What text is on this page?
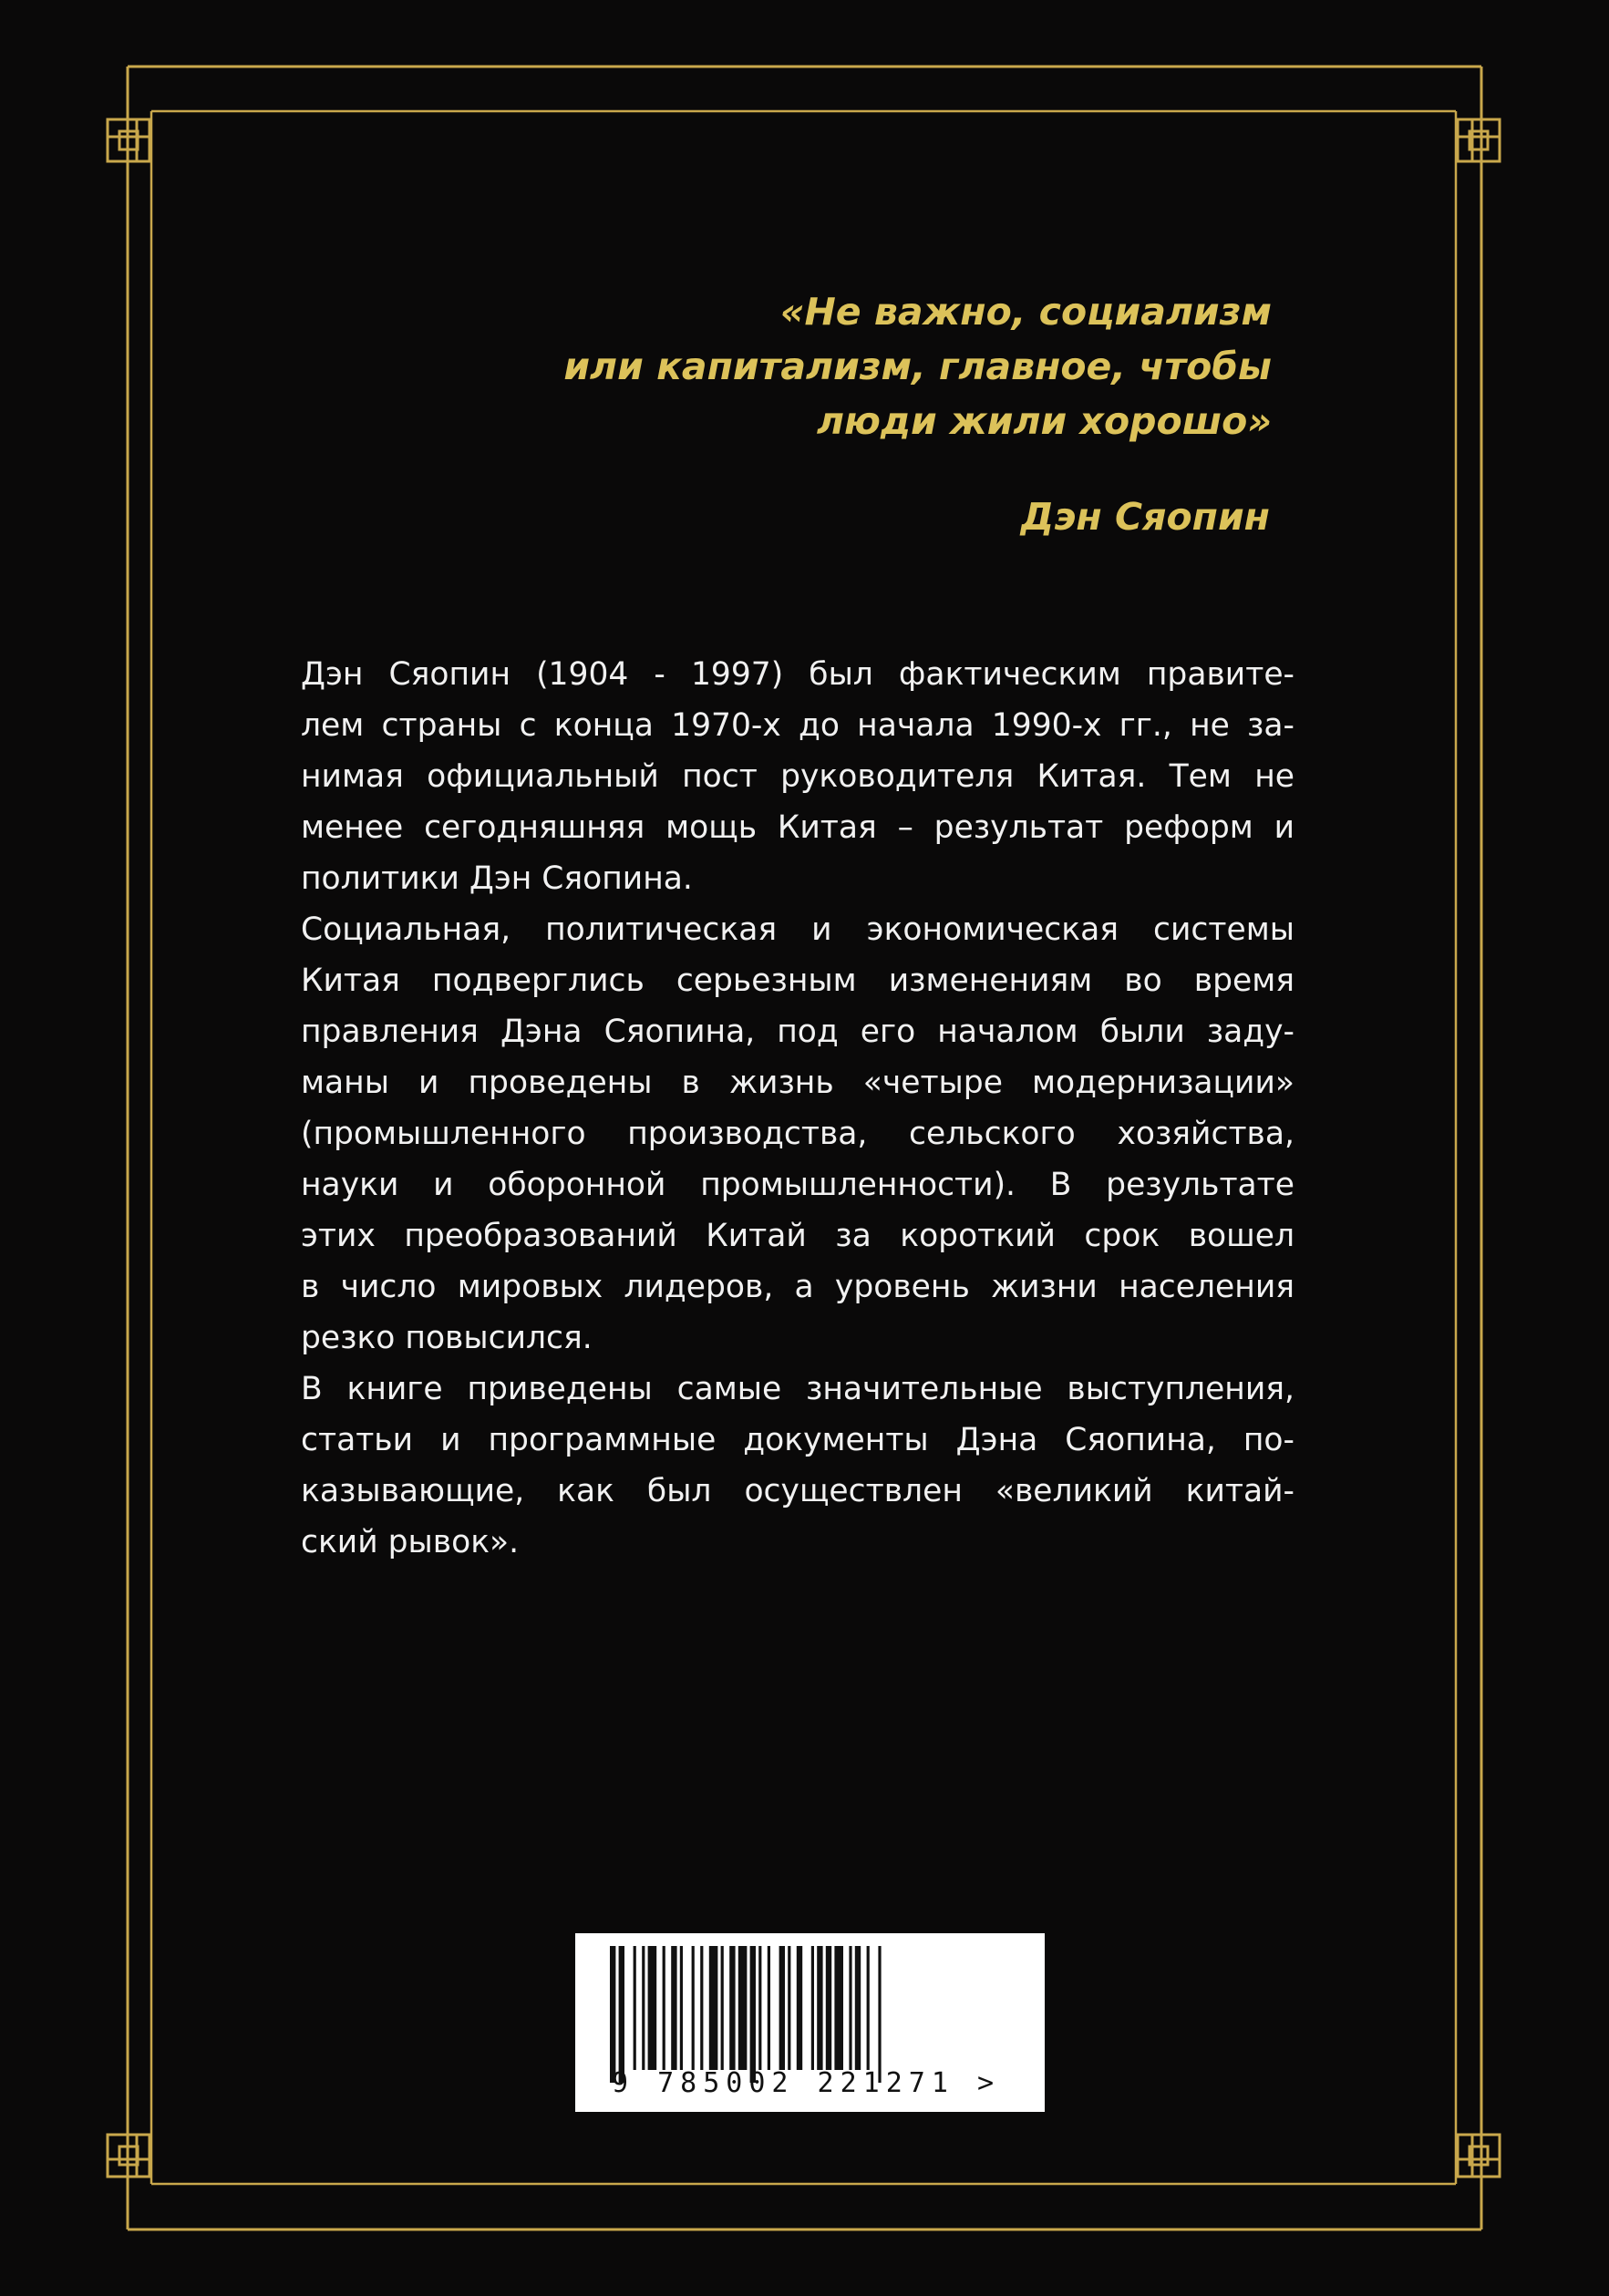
«Не важно, социализм
или капитализм, главное, чтобы
люди жили хорошо»
Дэн Сяопин
Дэн Сяопин (1904 - 1997) был фактическим правите-
лем страны с конца 1970-х до начала 1990-х гг., не за-
нимая официальный пост руководителя Китая. Тем не
менее сегодняшняя мощь Китая – результат реформ и
политики Дэн Сяопина.
Социальная, политическая и экономическая системы
Китая подверглись серьезным изменениям во время
правления Дэна Сяопина, под его началом были заду-
маны и проведены в жизнь «четыре модернизации»
(промышленного производства, сельского хозяйства,
науки и оборонной промышленности). В результате
этих преобразований Китай за короткий срок вошел
в число мировых лидеров, а уровень жизни населения
резко повысился.
В книге приведены самые значительные выступления,
статьи и программные документы Дэна Сяопина, по-
казывающие, как был осуществлен «великий китай-
ский рывок».
9 785002 221271 >
